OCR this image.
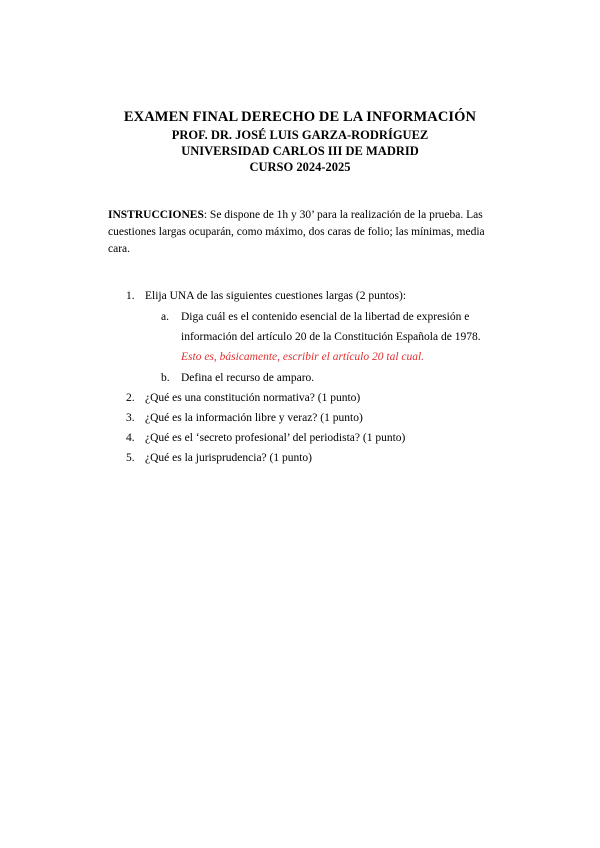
EXAMEN FINAL DERECHO DE LA INFORMACIÓN

PROF. DR. JOSÉ LUIS GARZA-RODRÍGUEZ

UNIVERSIDAD CARLOS III DE MADRID

CURSO 2024-2025

INSTRUCCIONES: Se dispone de 1h y 30’ para la realización de la prueba. Las cuestiones largas ocuparán, como máximo, dos caras de folio; las mínimas, media cara.
1. Elija UNA de las siguientes cuestiones largas (2 puntos):
a. Diga cuál es el contenido esencial de la libertad de expresión e información del artículo 20 de la Constitución Española de 1978. Esto es, básicamente, escribir el artículo 20 tal cual.
b. Defina el recurso de amparo.
2. ¿Qué es una constitución normativa? (1 punto)
3. ¿Qué es la información libre y veraz? (1 punto)
4. ¿Qué es el ‘secreto profesional’ del periodista? (1 punto)
5. ¿Qué es la jurisprudencia? (1 punto)
